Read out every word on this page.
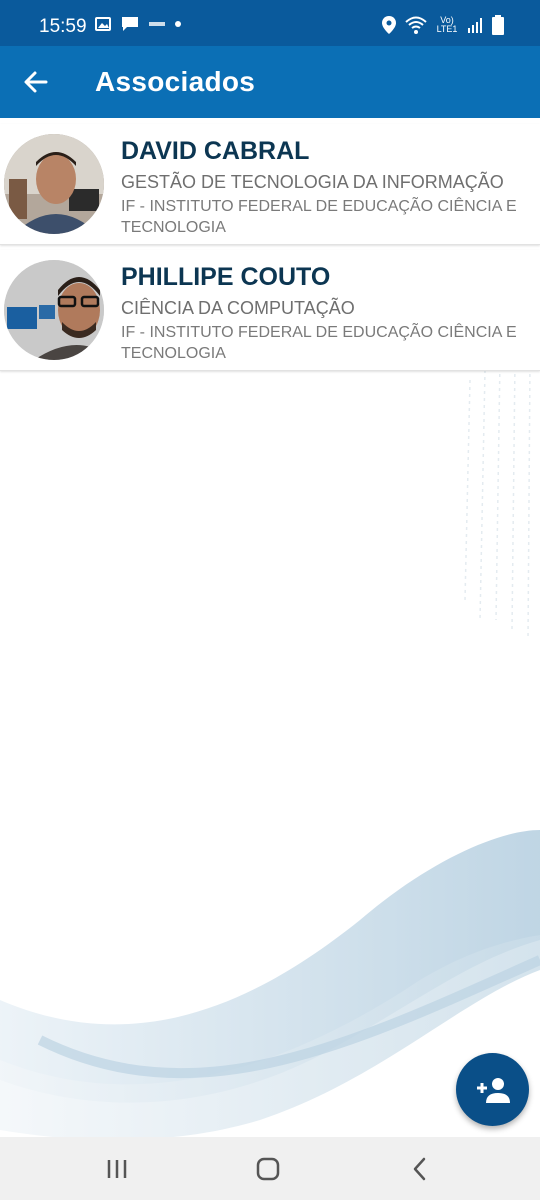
15:59	Vo) LTE1
Associados
DAVID CABRAL
GESTÃO DE TECNOLOGIA DA INFORMAÇÃO
IF - INSTITUTO FEDERAL DE EDUCAÇÃO CIÊNCIA E TECNOLOGIA
PHILLIPE COUTO
CIÊNCIA DA COMPUTAÇÃO
IF - INSTITUTO FEDERAL DE EDUCAÇÃO CIÊNCIA E TECNOLOGIA
